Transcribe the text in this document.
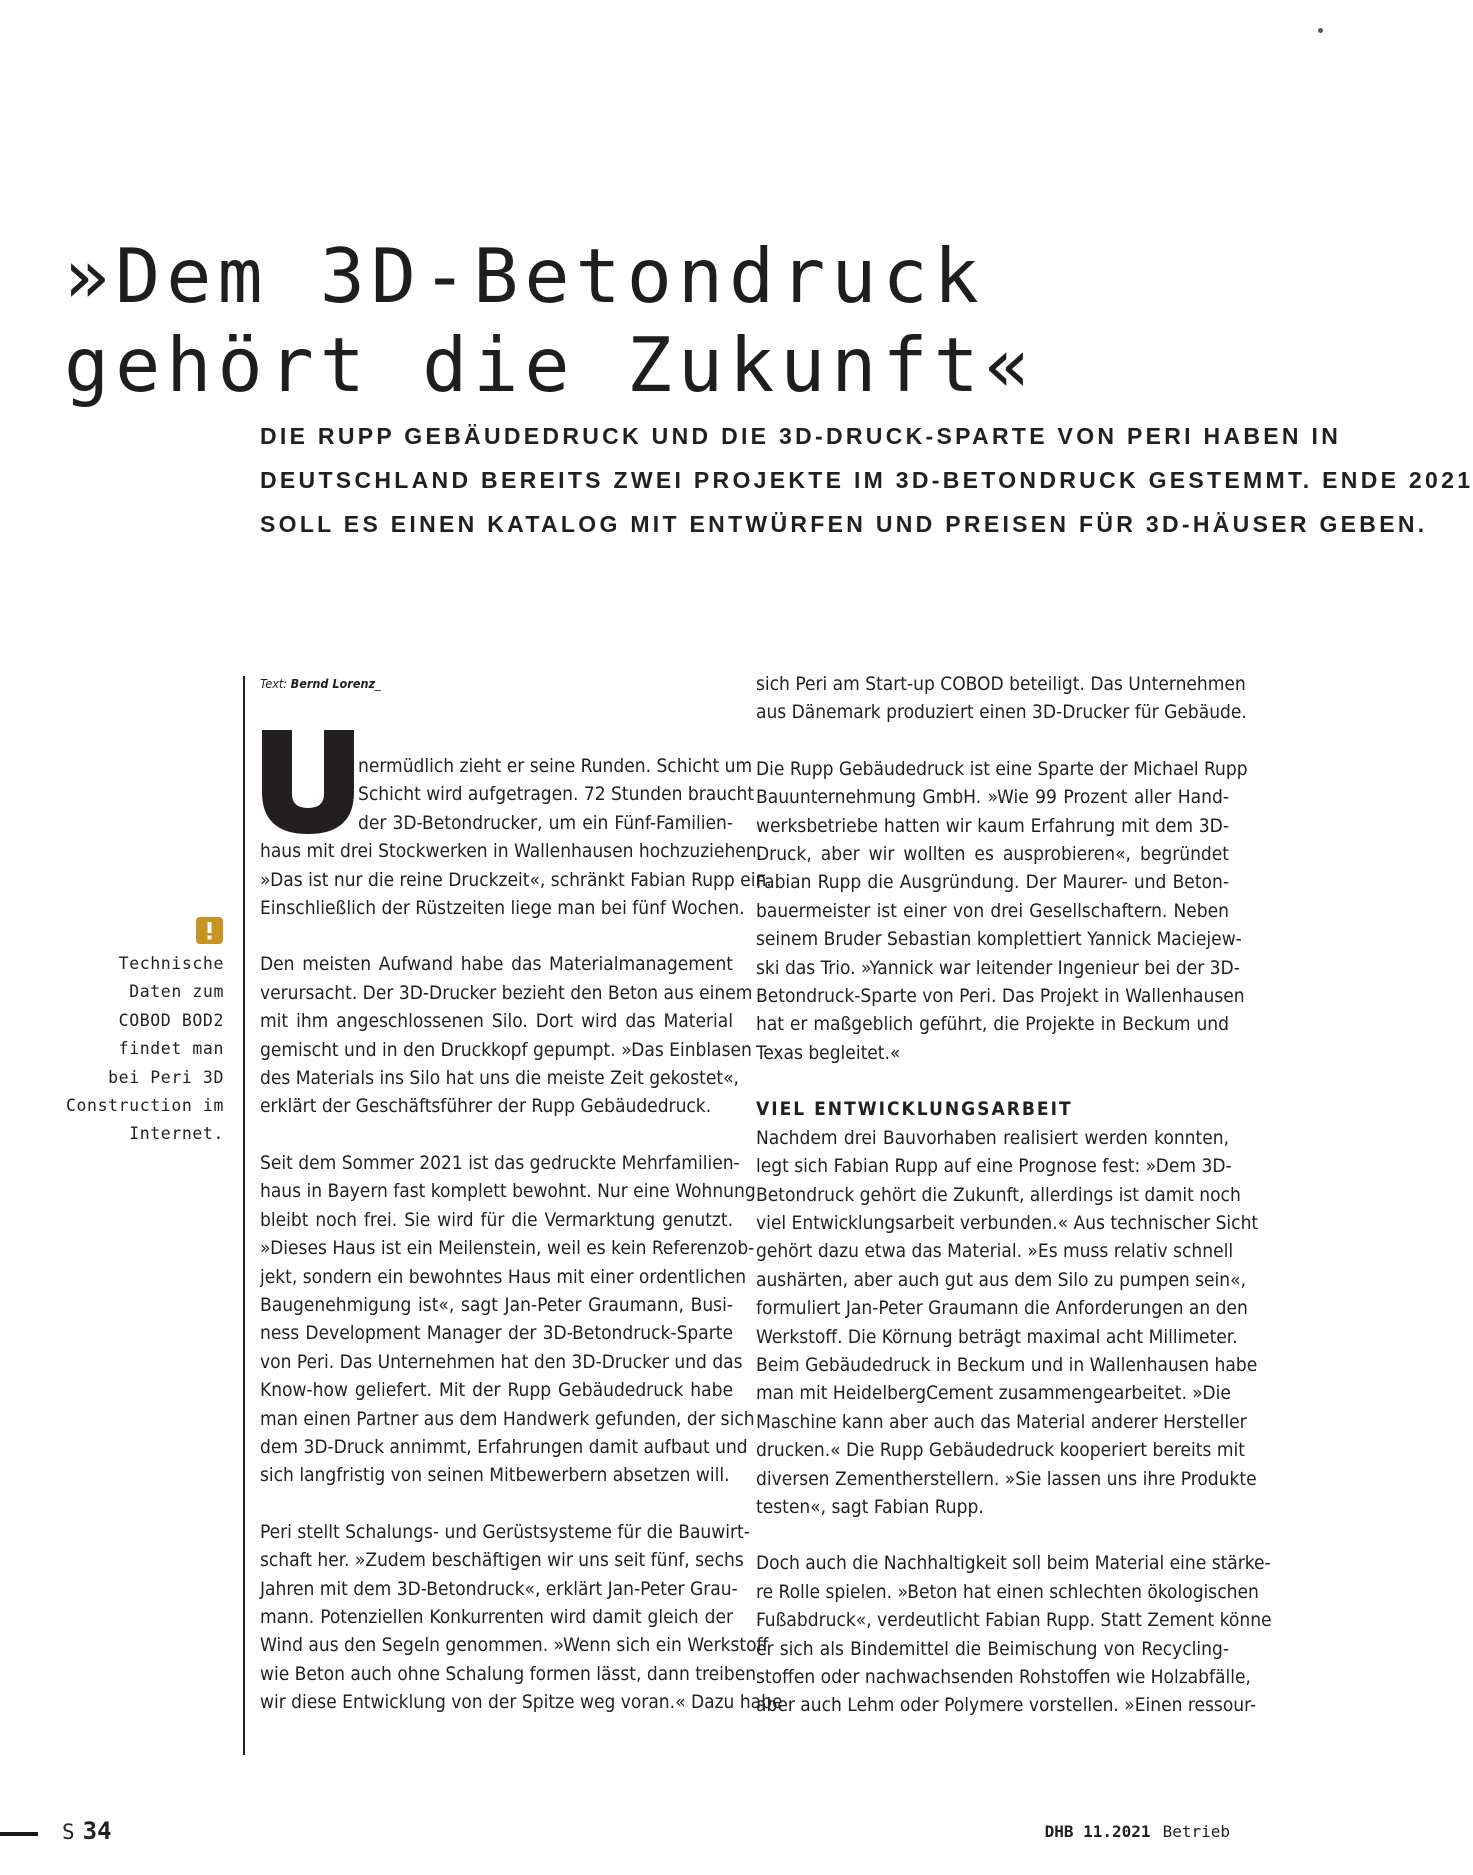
»Dem 3D-Betondruck
gehört die Zukunft«
DIE RUPP GEBÄUDEDRUCK UND DIE 3D-DRUCK-SPARTE VON PERI HABEN IN
DEUTSCHLAND BEREITS ZWEI PROJEKTE IM 3D-BETONDRUCK GESTEMMT. ENDE 2021
SOLL ES EINEN KATALOG MIT ENTWÜRFEN UND PREISEN FÜR 3D-HÄUSER GEBEN.
Text: Bernd Lorenz_
Technische
Daten zum
COBOD BOD2
findet man
bei Peri 3D
Construction im
Internet.
nermüdlich zieht er seine Runden. Schicht um
Schicht wird aufgetragen. 72 Stunden braucht
der 3D-Betondrucker, um ein Fünf-Familien-
haus mit drei Stockwerken in Wallenhausen hochzuziehen.
»Das ist nur die reine Druckzeit«, schränkt Fabian Rupp ein.
Einschließlich der Rüstzeiten liege man bei fünf Wochen.
Den meisten Aufwand habe das Materialmanagement
verursacht. Der 3D-Drucker bezieht den Beton aus einem
mit ihm angeschlossenen Silo. Dort wird das Material
gemischt und in den Druckkopf gepumpt. »Das Einblasen
des Materials ins Silo hat uns die meiste Zeit gekostet«,
erklärt der Geschäftsführer der Rupp Gebäudedruck.
Seit dem Sommer 2021 ist das gedruckte Mehrfamilien-
haus in Bayern fast komplett bewohnt. Nur eine Wohnung
bleibt noch frei. Sie wird für die Vermarktung genutzt.
»Dieses Haus ist ein Meilenstein, weil es kein Referenzob-
jekt, sondern ein bewohntes Haus mit einer ordentlichen
Baugenehmigung ist«, sagt Jan-Peter Graumann, Busi-
ness Development Manager der 3D-Betondruck-Sparte
von Peri. Das Unternehmen hat den 3D-Drucker und das
Know-how geliefert. Mit der Rupp Gebäudedruck habe
man einen Partner aus dem Handwerk gefunden, der sich
dem 3D-Druck annimmt, Erfahrungen damit aufbaut und
sich langfristig von seinen Mitbewerbern absetzen will.
Peri stellt Schalungs- und Gerüstsysteme für die Bauwirt-
schaft her. »Zudem beschäftigen wir uns seit fünf, sechs
Jahren mit dem 3D-Betondruck«, erklärt Jan-Peter Grau-
mann. Potenziellen Konkurrenten wird damit gleich der
Wind aus den Segeln genommen. »Wenn sich ein Werkstoff
wie Beton auch ohne Schalung formen lässt, dann treiben
wir diese Entwicklung von der Spitze weg voran.« Dazu habe
sich Peri am Start-up COBOD beteiligt. Das Unternehmen
aus Dänemark produziert einen 3D-Drucker für Gebäude.
Die Rupp Gebäudedruck ist eine Sparte der Michael Rupp
Bauunternehmung GmbH. »Wie 99 Prozent aller Hand-
werksbetriebe hatten wir kaum Erfahrung mit dem 3D-
Druck, aber wir wollten es ausprobieren«, begründet
Fabian Rupp die Ausgründung. Der Maurer- und Beton-
bauermeister ist einer von drei Gesellschaftern. Neben
seinem Bruder Sebastian komplettiert Yannick Maciejew-
ski das Trio. »Yannick war leitender Ingenieur bei der 3D-
Betondruck-Sparte von Peri. Das Projekt in Wallenhausen
hat er maßgeblich geführt, die Projekte in Beckum und
Texas begleitet.«
VIEL ENTWICKLUNGSARBEIT
Nachdem drei Bauvorhaben realisiert werden konnten,
legt sich Fabian Rupp auf eine Prognose fest: »Dem 3D-
Betondruck gehört die Zukunft, allerdings ist damit noch
viel Entwicklungsarbeit verbunden.« Aus technischer Sicht
gehört dazu etwa das Material. »Es muss relativ schnell
aushärten, aber auch gut aus dem Silo zu pumpen sein«,
formuliert Jan-Peter Graumann die Anforderungen an den
Werkstoff. Die Körnung beträgt maximal acht Millimeter.
Beim Gebäudedruck in Beckum und in Wallenhausen habe
man mit HeidelbergCement zusammengearbeitet. »Die
Maschine kann aber auch das Material anderer Hersteller
drucken.« Die Rupp Gebäudedruck kooperiert bereits mit
diversen Zementherstellern. »Sie lassen uns ihre Produkte
testen«, sagt Fabian Rupp.
Doch auch die Nachhaltigkeit soll beim Material eine stärke-
re Rolle spielen. »Beton hat einen schlechten ökologischen
Fußabdruck«, verdeutlicht Fabian Rupp. Statt Zement könne
er sich als Bindemittel die Beimischung von Recycling-
stoffen oder nachwachsenden Rohstoffen wie Holzabfälle,
aber auch Lehm oder Polymere vorstellen. »Einen ressour-
S 34	DHB 11.2021 Betrieb
